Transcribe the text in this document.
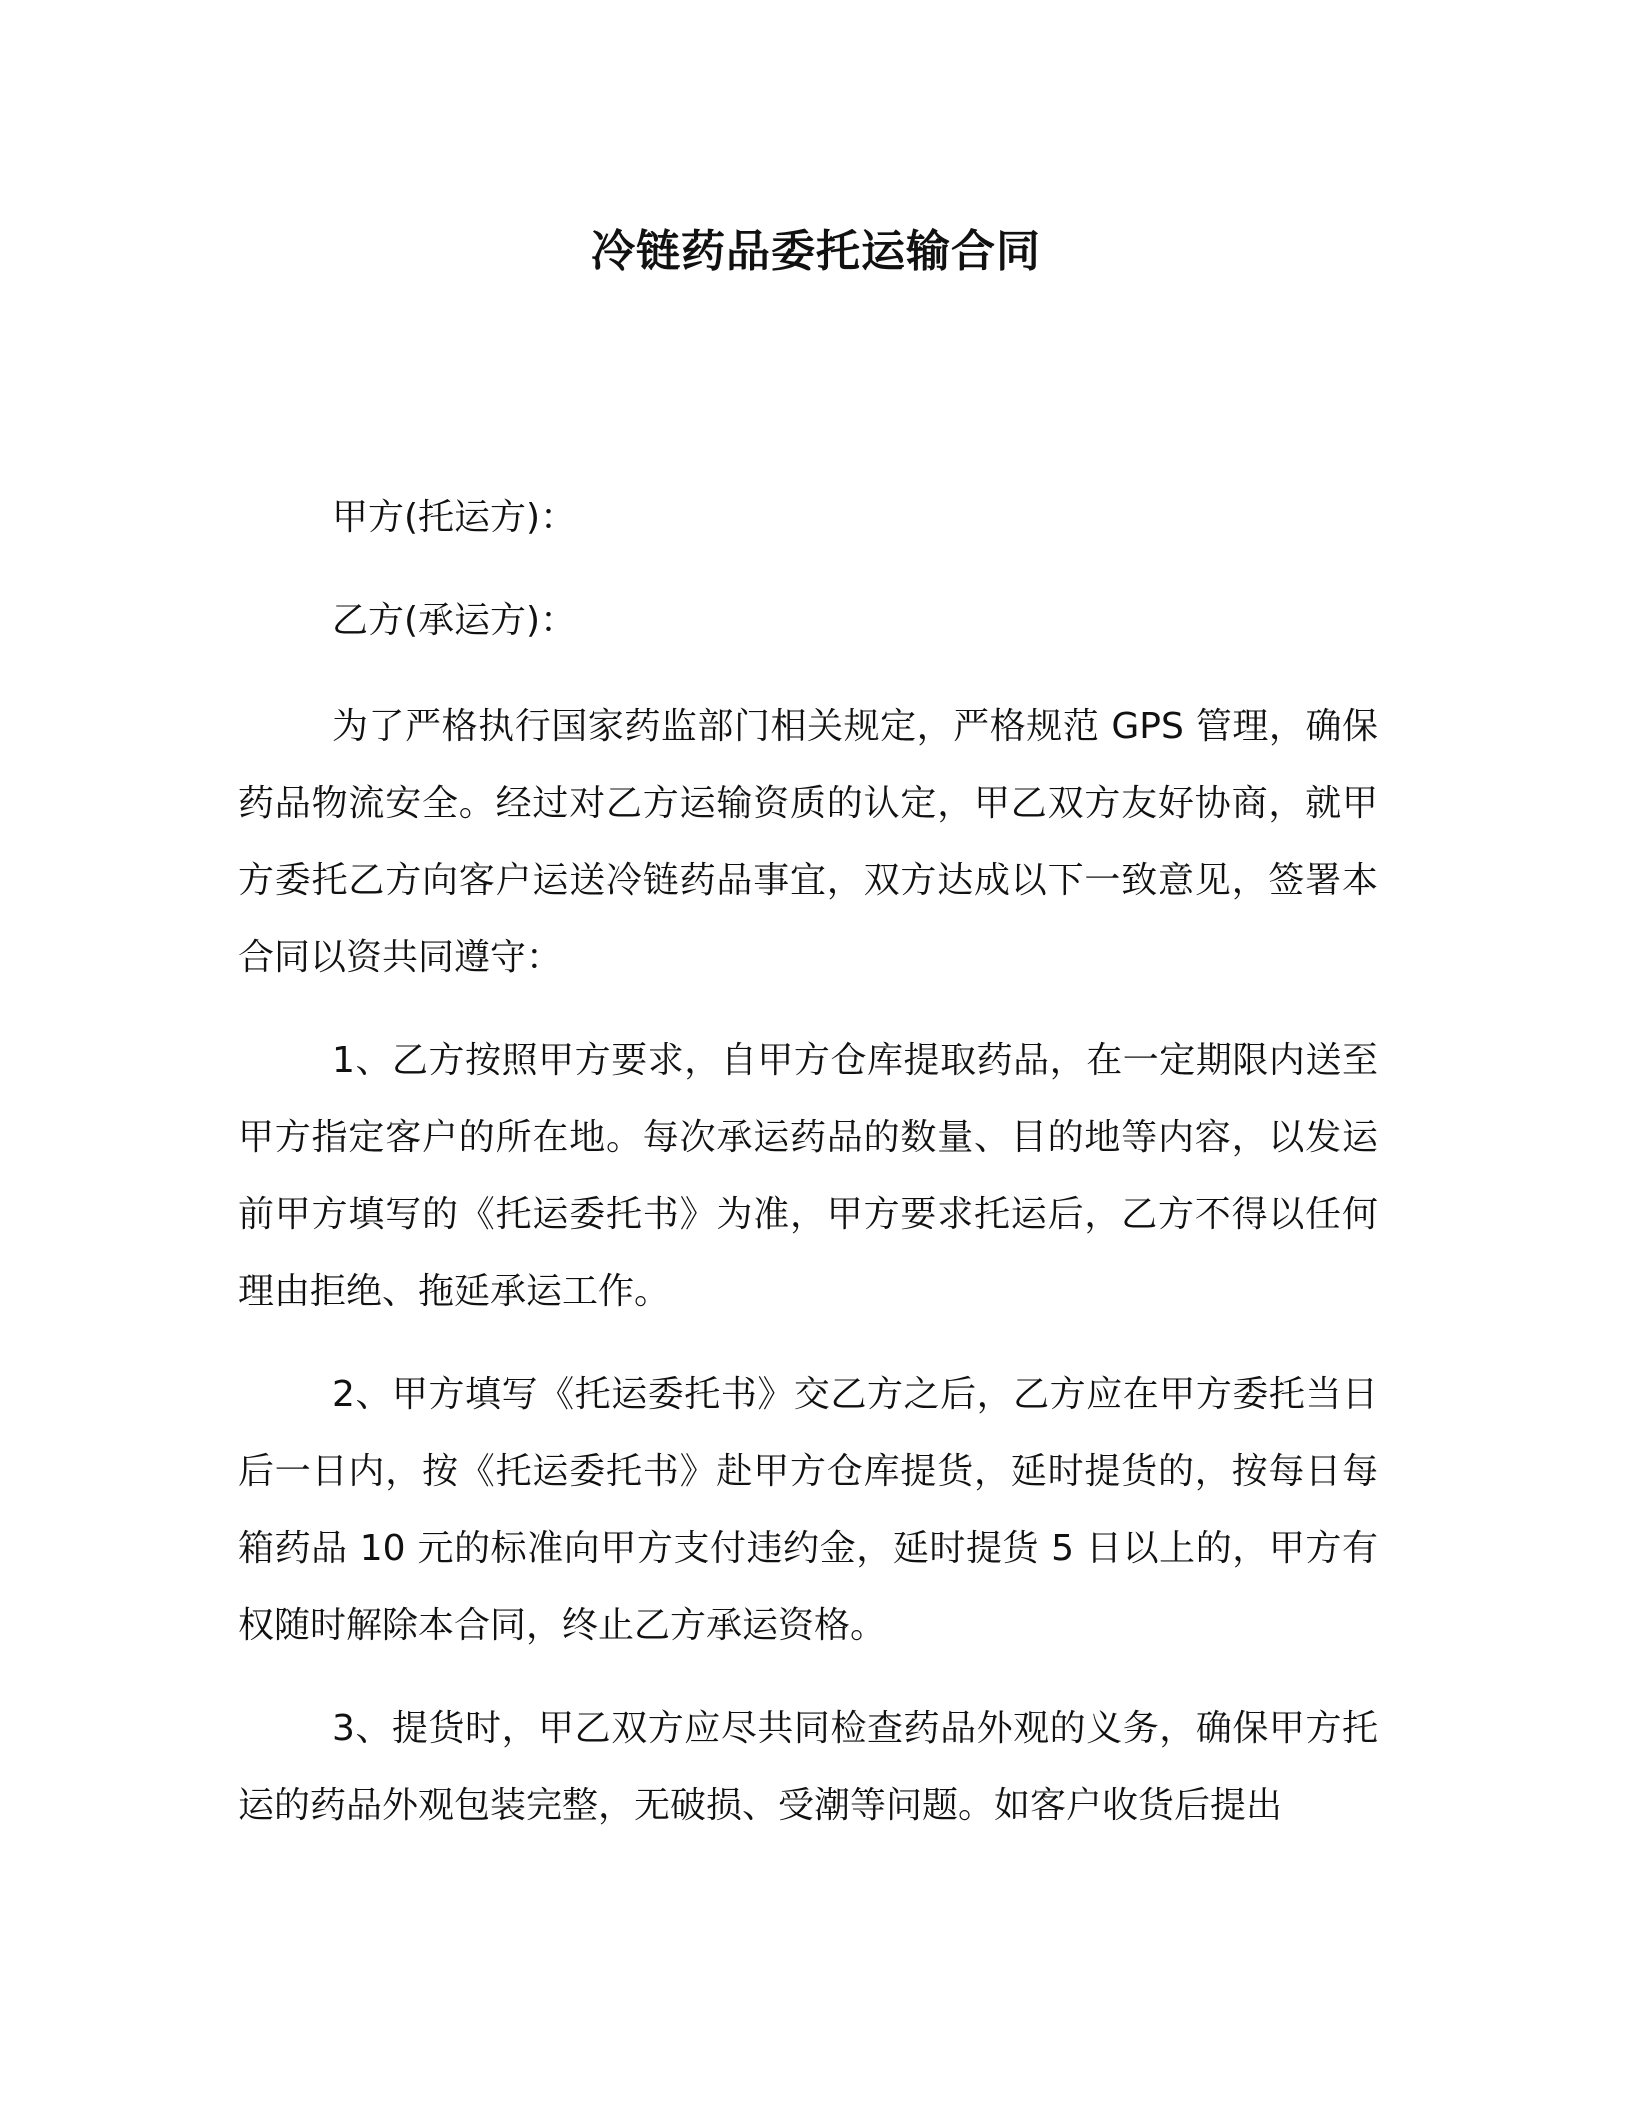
冷链药品委托运输合同

甲方(托运方)：

乙方(承运方)：

为了严格执行国家药监部门相关规定，严格规范 GPS 管理，确保药品物流安全。经过对乙方运输资质的认定，甲乙双方友好协商，就甲方委托乙方向客户运送冷链药品事宜，双方达成以下一致意见，签署本合同以资共同遵守：

1、乙方按照甲方要求，自甲方仓库提取药品，在一定期限内送至甲方指定客户的所在地。每次承运药品的数量、目的地等内容，以发运前甲方填写的《托运委托书》为准，甲方要求托运后，乙方不得以任何理由拒绝、拖延承运工作。

2、甲方填写《托运委托书》交乙方之后，乙方应在甲方委托当日后一日内，按《托运委托书》赴甲方仓库提货，延时提货的，按每日每箱药品 10 元的标准向甲方支付违约金，延时提货 5 日以上的，甲方有权随时解除本合同，终止乙方承运资格。

3、提货时，甲乙双方应尽共同检查药品外观的义务，确保甲方托运的药品外观包装完整，无破损、受潮等问题。如客户收货后提出
